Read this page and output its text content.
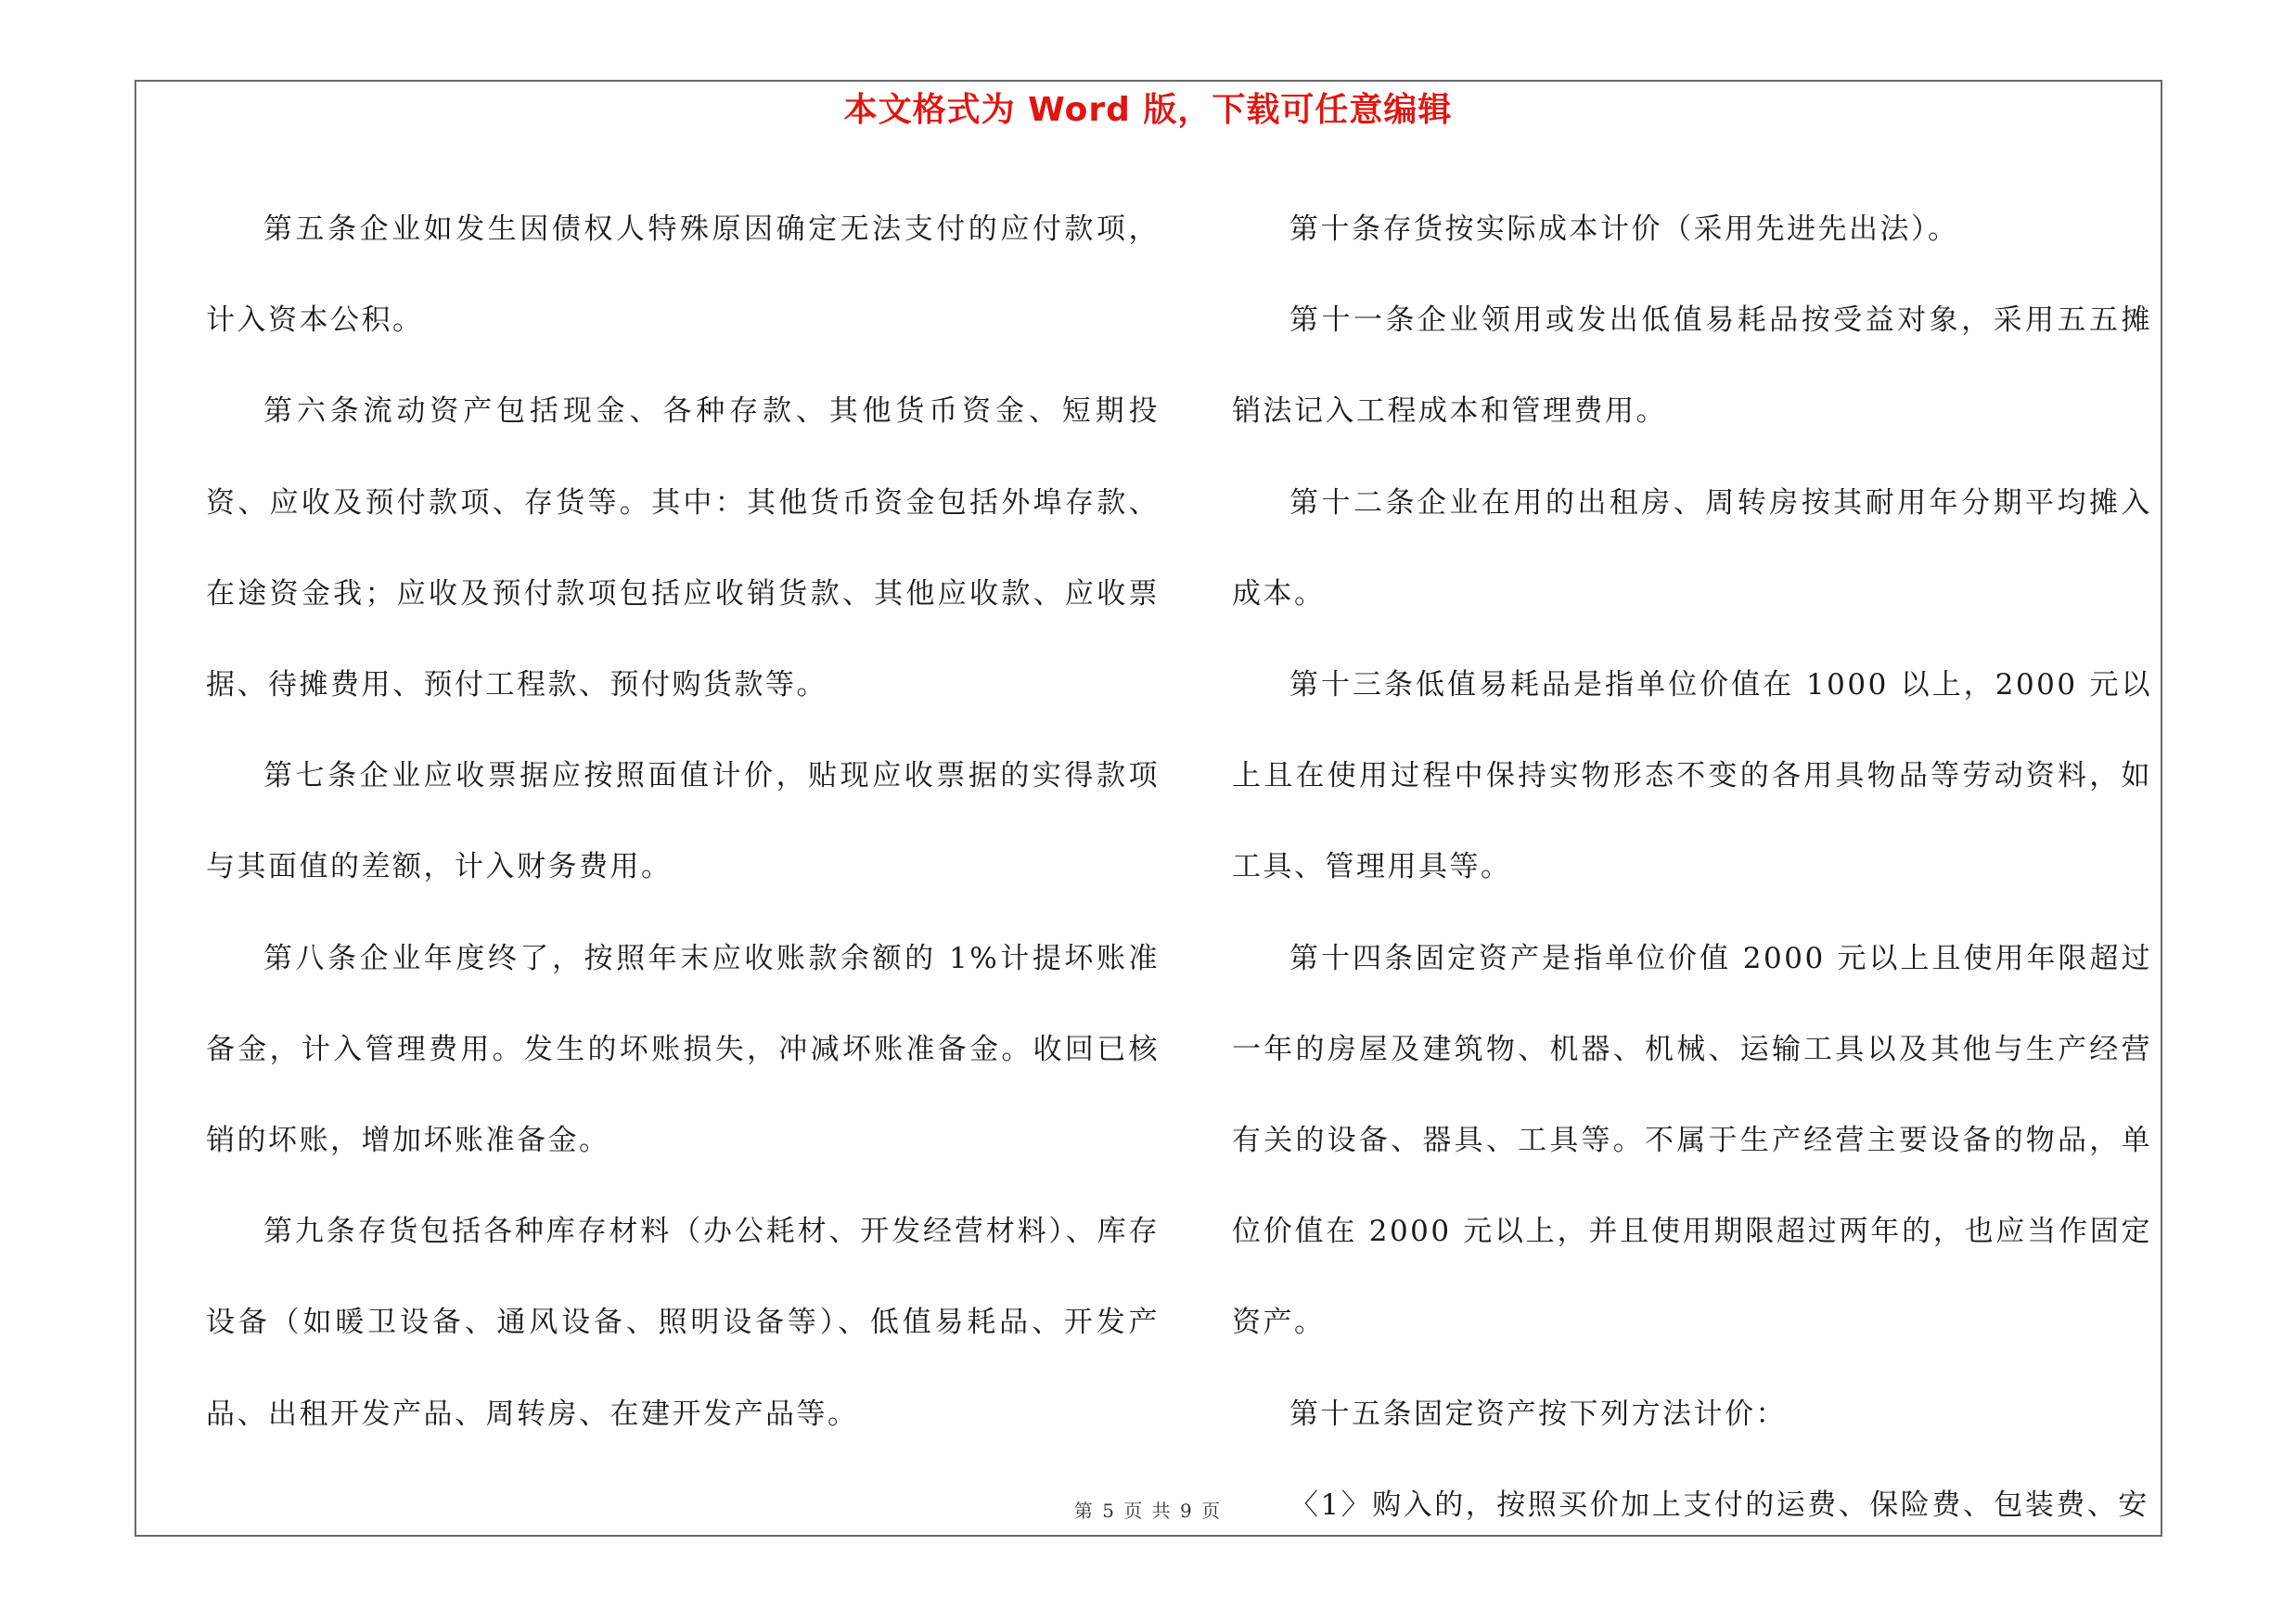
本文格式为 Word 版，下载可任意编辑

第五条企业如发生因债权人特殊原因确定无法支付的应付款项，计入资本公积。

第六条流动资产包括现金、各种存款、其他货币资金、短期投资、应收及预付款项、存货等。其中：其他货币资金包括外埠存款、在途资金我；应收及预付款项包括应收销货款、其他应收款、应收票据、待摊费用、预付工程款、预付购货款等。

第七条企业应收票据应按照面值计价，贴现应收票据的实得款项与其面值的差额，计入财务费用。

第八条企业年度终了，按照年末应收账款余额的 1%计提坏账准备金，计入管理费用。发生的坏账损失，冲减坏账准备金。收回已核销的坏账，增加坏账准备金。

第九条存货包括各种库存材料（办公耗材、开发经营材料）、库存设备（如暖卫设备、通风设备、照明设备等）、低值易耗品、开发产品、出租开发产品、周转房、在建开发产品等。

第十条存货按实际成本计价（采用先进先出法）。

第十一条企业领用或发出低值易耗品按受益对象，采用五五摊销法记入工程成本和管理费用。

第十二条企业在用的出租房、周转房按其耐用年分期平均摊入成本。

第十三条低值易耗品是指单位价值在 1000 以上，2000 元以上且在使用过程中保持实物形态不变的各用具物品等劳动资料，如工具、管理用具等。

第十四条固定资产是指单位价值 2000 元以上且使用年限超过一年的房屋及建筑物、机器、机械、运输工具以及其他与生产经营有关的设备、器具、工具等。不属于生产经营主要设备的物品，单位价值在 2000 元以上，并且使用期限超过两年的，也应当作固定资产。

第十五条固定资产按下列方法计价：

〈1〉购入的，按照买价加上支付的运费、保险费、包装费、安

第 5 页 共 9 页
